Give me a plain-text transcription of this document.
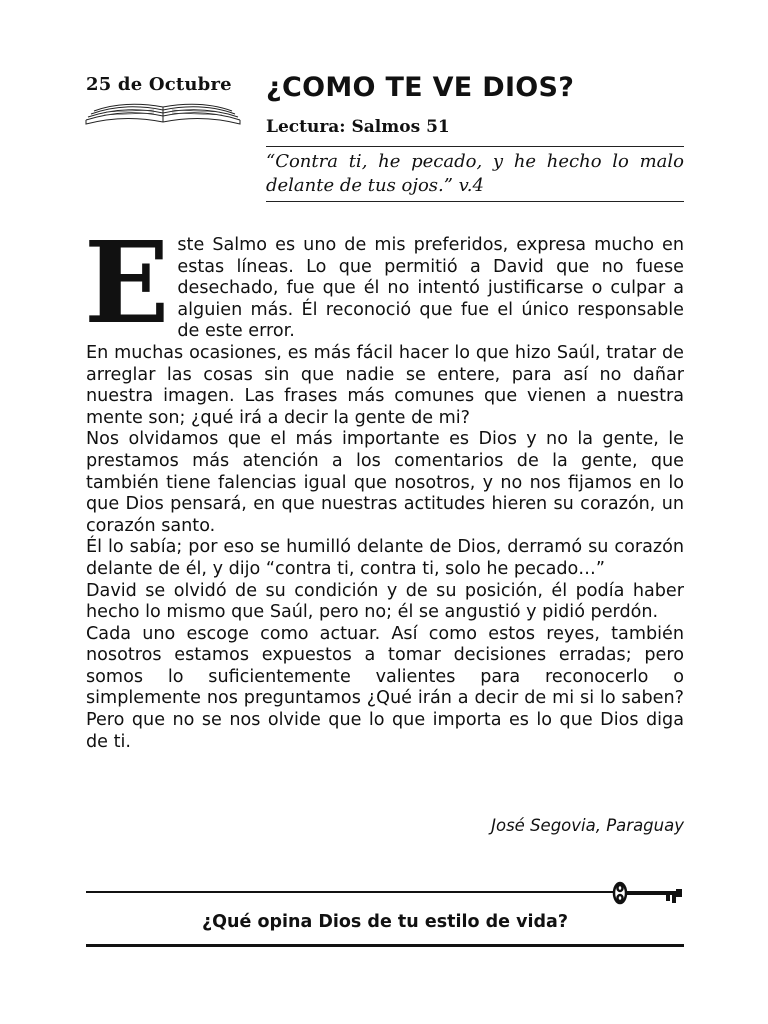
25 de Octubre	¿COMO TE VE DIOS?
Lectura: Salmos 51
“Contra ti, he pecado, y he hecho lo malo delante de tus ojos.” v.4

Este Salmo es uno de mis preferidos, expresa mucho en estas líneas. Lo que permitió a David que no fuese desechado, fue que él no intentó justificarse o culpar a alguien más. Él reconoció que fue el único responsable de este error.

En muchas ocasiones, es más fácil hacer lo que hizo Saúl, tratar de arreglar las cosas sin que nadie se entere, para así no dañar nuestra imagen. Las frases más comunes que vienen a nuestra mente son; ¿qué irá a decir la gente de mi?

Nos olvidamos que el más importante es Dios y no la gente, le prestamos más atención a los comentarios de la gente, que también tiene falencias igual que nosotros, y no nos fijamos en lo que Dios pensará, en que nuestras actitudes hieren su corazón, un corazón santo.

Él lo sabía; por eso se humilló delante de Dios, derramó su corazón delante de él, y dijo “contra ti, contra ti, solo he pecado…”

David se olvidó de su condición y de su posición, él podía haber hecho lo mismo que Saúl, pero no; él se angustió y pidió perdón.

Cada uno escoge como actuar. Así como estos reyes, también nosotros estamos expuestos a tomar decisiones erradas; pero somos lo suficientemente valientes para reconocerlo o simplemente nos preguntamos ¿Qué irán a decir de mi si lo saben? Pero que no se nos olvide que lo que importa es lo que Dios diga de ti.

José Segovia, Paraguay
¿Qué opina Dios de tu estilo de vida?
